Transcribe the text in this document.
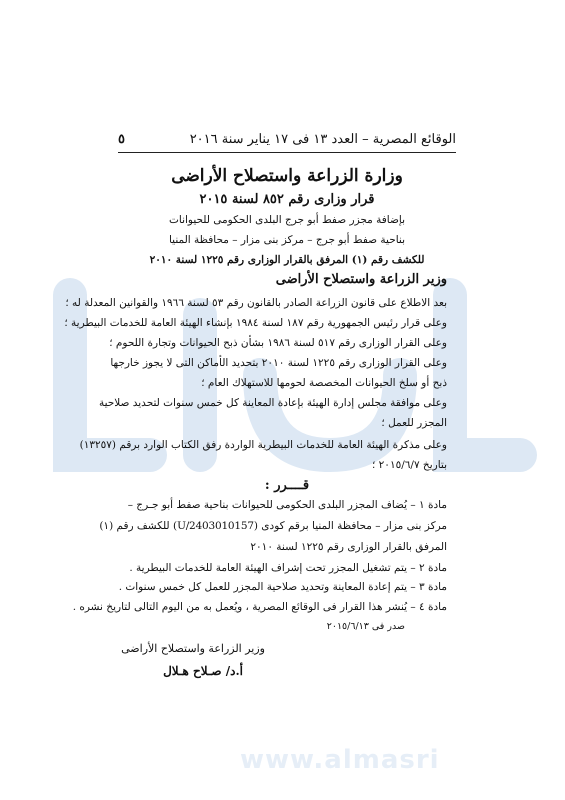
www.almasri
الوقائع المصرية – العدد ١٣ فى ١٧ يناير سنة ٢٠١٦
٥
وزارة الزراعة واستصلاح الأراضى
قرار وزارى رقم ٨٥٢ لسنة ٢٠١٥
بإضافة مجزر صفط أبو جرج البلدى الحكومى للحيوانات
بناحية صفط أبو جرج – مركز بنى مزار – محافظة المنيا
للكشف رقم (١) المرفق بالقرار الوزارى رقم ١٢٢٥ لسنة ٢٠١٠
وزير الزراعة واستصلاح الأراضى
بعد الاطلاع على قانون الزراعة الصادر بالقانون رقم ٥٣ لسنة ١٩٦٦ والقوانين المعدلة له ؛
وعلى قرار رئيس الجمهورية رقم ١٨٧ لسنة ١٩٨٤ بإنشاء الهيئة العامة للخدمات البيطرية ؛
وعلى القرار الوزارى رقم ٥١٧ لسنة ١٩٨٦ بشأن ذبح الحيوانات وتجارة اللحوم ؛
وعلى القرار الوزارى رقم ١٢٢٥ لسنة ٢٠١٠ بتحديد الأماكن التى لا يجوز خارجها
ذبح أو سلخ الحيوانات المخصصة لحومها للاستهلاك العام ؛
وعلى موافقة مجلس إدارة الهيئة بإعادة المعاينة كل خمس سنوات لتحديد صلاحية
المجزر للعمل ؛
وعلى مذكرة الهيئة العامة للخدمات البيطرية الواردة رفق الكتاب الوارد برقم (١٣٢٥٧)
بتاريخ ٢٠١٥/٦/٧ ؛
قــــرر :
مادة ١ – يُضاف المجزر البلدى الحكومى للحيوانات بناحية صفط أبو جـرج –
مركز بنى مزار – محافظة المنيا برقم كودى (U/2403010157) للكشف رقم (١)
المرفق بالقرار الوزارى رقم ١٢٢٥ لسنة ٢٠١٠
مادة ٢ – يتم تشغيل المجزر تحت إشراف الهيئة العامة للخدمات البيطرية .
مادة ٣ – يتم إعادة المعاينة وتحديد صلاحية المجزر للعمل كل خمس سنوات .
مادة ٤ – يُنشر هذا القرار فى الوقائع المصرية ، ويُعمل به من اليوم التالى لتاريخ نشره .
صدر فى ٢٠١٥/٦/١٣
وزير الزراعة واستصلاح الأراضى
أ.د/ صـلاح هـلال
